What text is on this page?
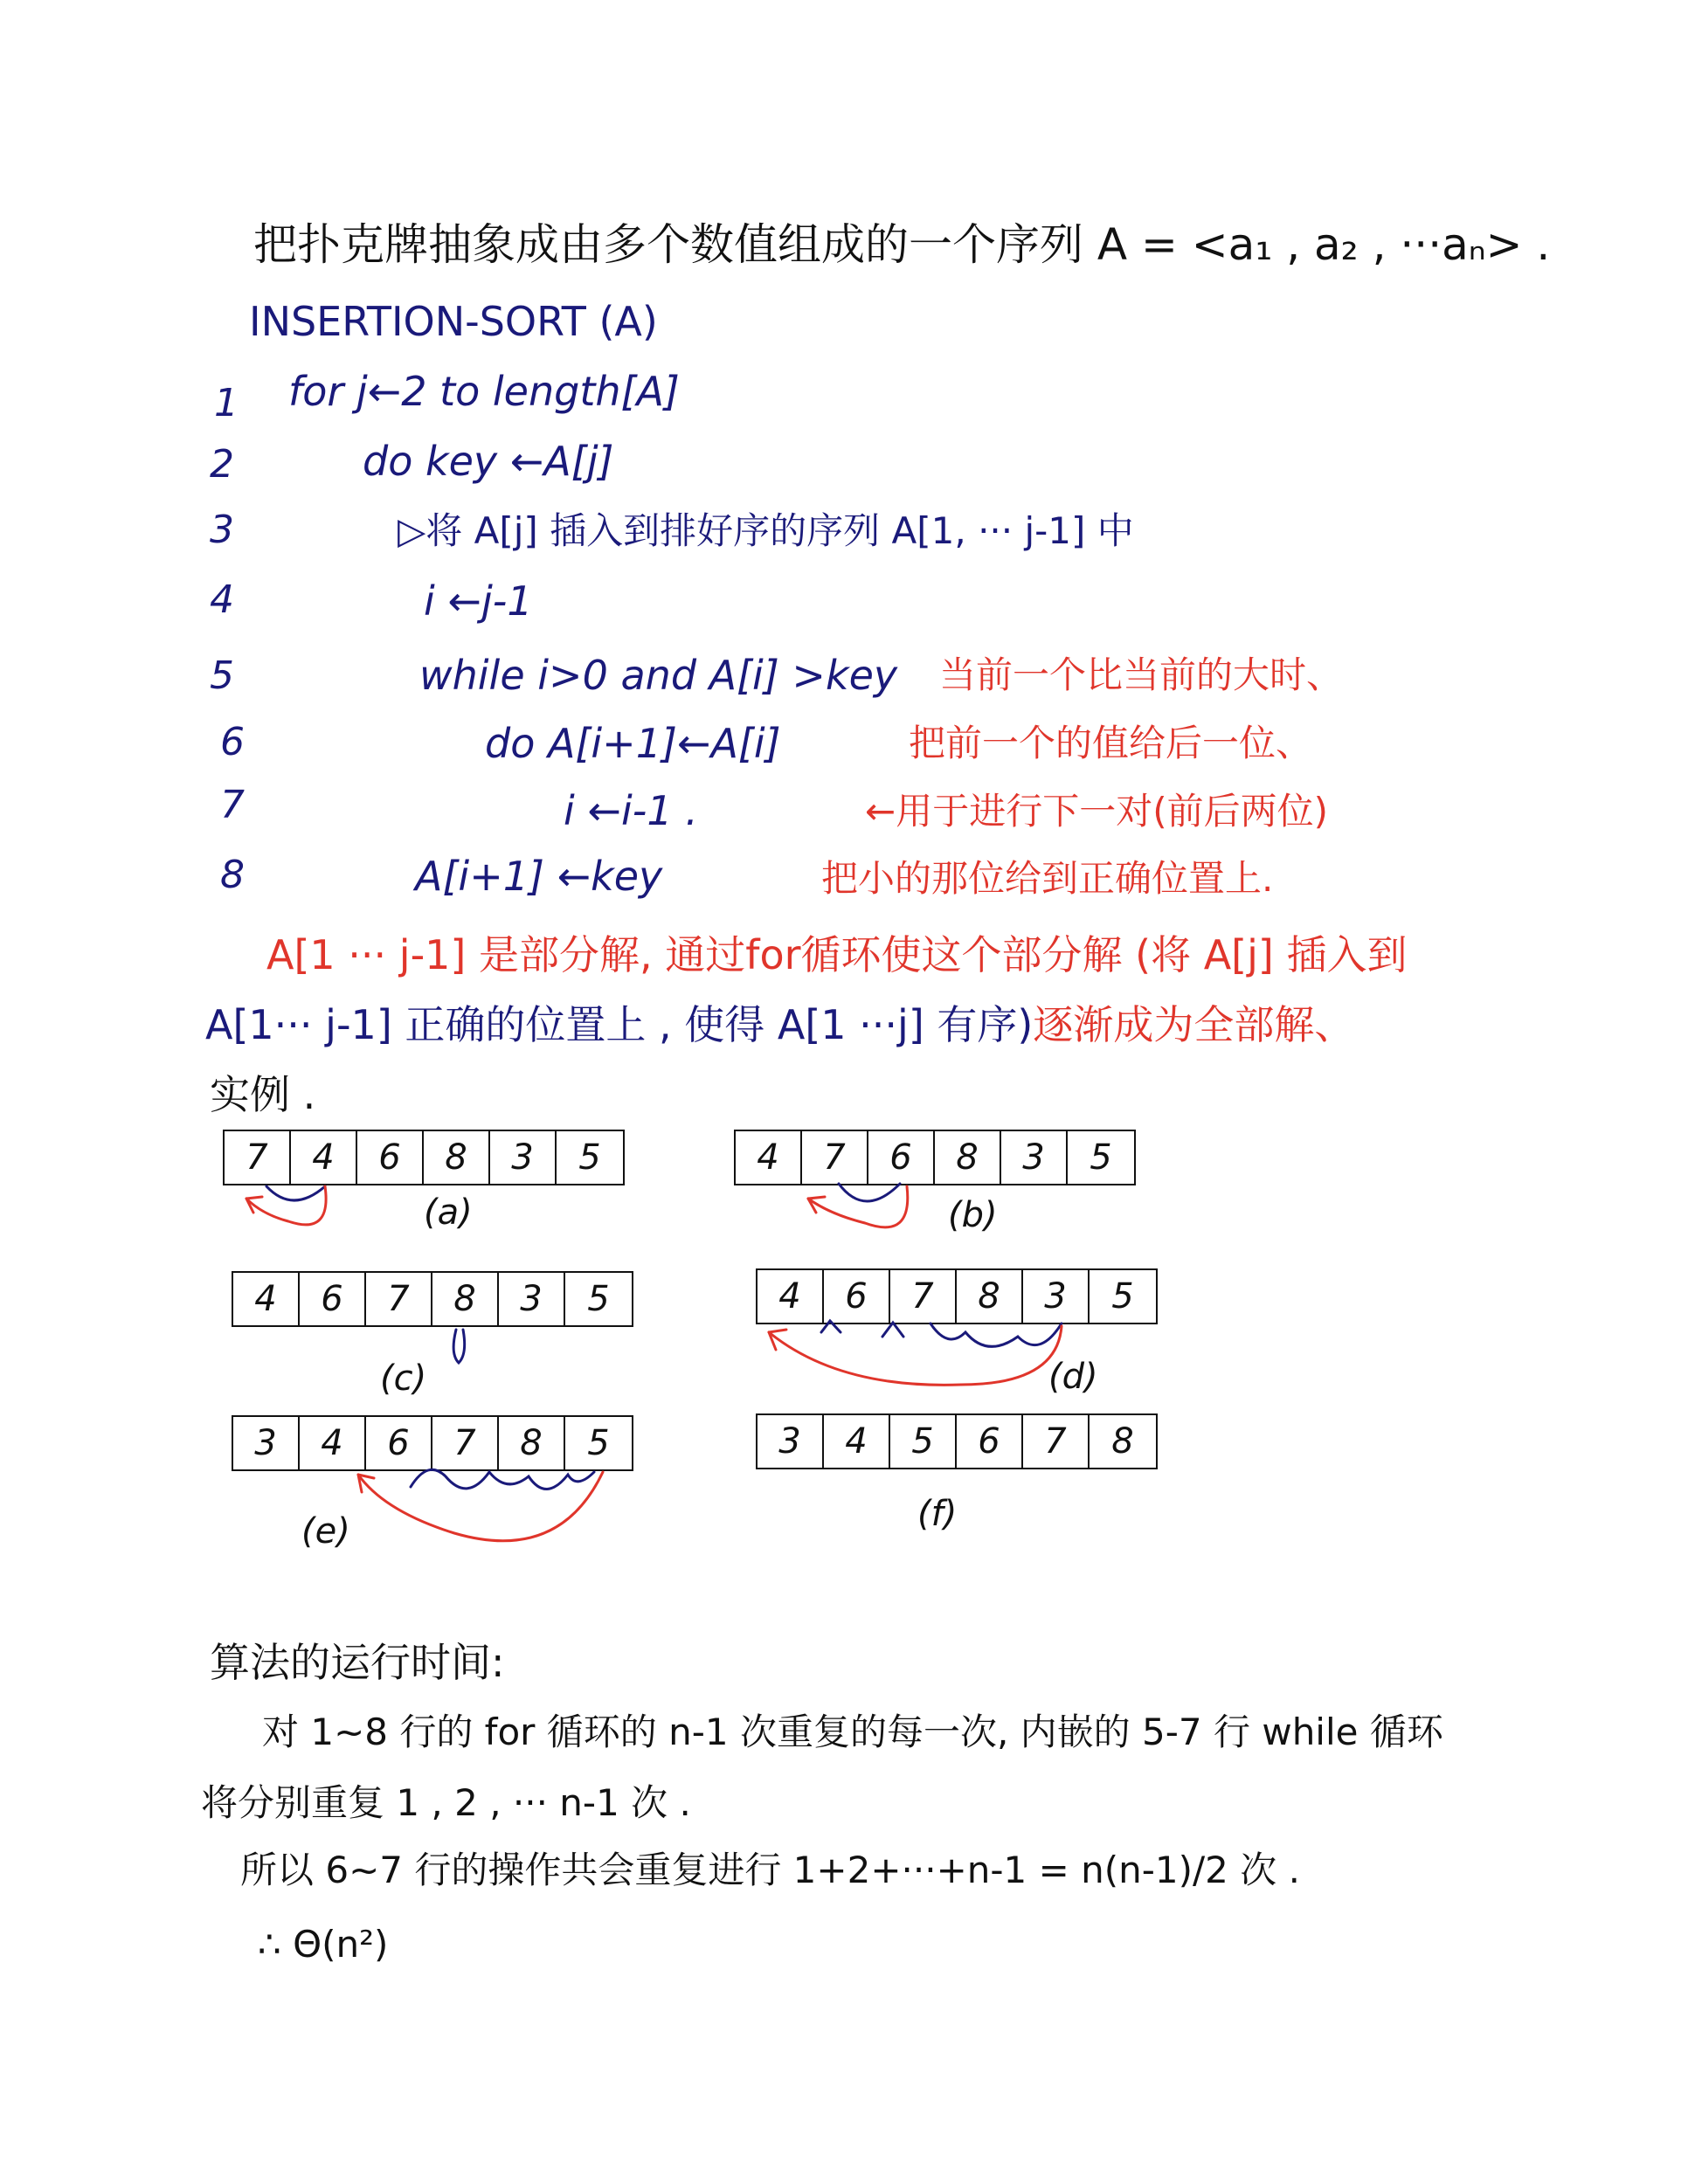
把扑克牌抽象成由多个数值组成的一个序列 A = <a₁ , a₂ , ···aₙ> .
INSERTION-SORT (A)
1 for j←2 to length[A]
2	do key ←A[j]
3	▷将 A[j] 插入到排好序的序列 A[1, ··· j-1] 中
4	i ←j-1
5	while i>0 and A[i] >key 当前一个比当前的大时、
6	do A[i+1]←A[i]	把前一个的值给后一位、
7	i ←i-1 .	←用于进行下一对(前后两位)
8	A[i+1] ←key	把小的那位给到正确位置上.
A[1 ··· j-1] 是部分解, 通过for循环使这个部分解 (将 A[j] 插入到
A[1··· j-1] 正确的位置上 , 使得 A[1 ···j] 有序)逐渐成为全部解、
实例 .
7	4	6	8	3	5
(a)
4	7	6	8	3	5
(b)
4	6	7	8	3	5
(c)
4	6	7	8	3	5
(d)
3	4	6	7	8	5
(e)
3	4	5	6	7	8
(f)
算法的运行时间:
对 1~8 行的 for 循环的 n-1 次重复的每一次, 内嵌的 5-7 行 while 循环
将分别重复 1 , 2 , ··· n-1 次 .
所以 6~7 行的操作共会重复进行 1+2+···+n-1 = n(n-1)/2 次 .
∴ Θ(n²)
